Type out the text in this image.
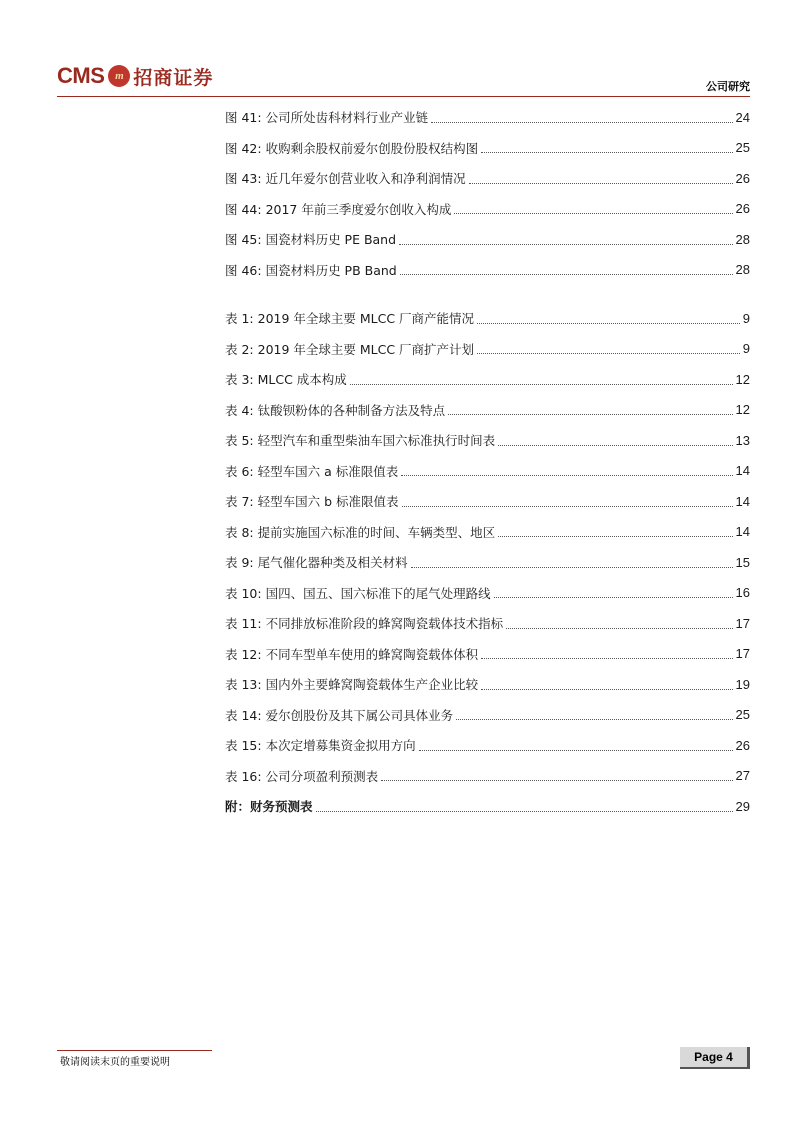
CMS m 招商证券	公司研究
图 41: 公司所处齿科材料行业产业链	24
图 42: 收购剩余股权前爱尔创股份股权结构图	25
图 43: 近几年爱尔创营业收入和净利润情况	26
图 44: 2017 年前三季度爱尔创收入构成	26
图 45: 国瓷材料历史 PE Band	28
图 46: 国瓷材料历史 PB Band	28
表 1: 2019 年全球主要 MLCC 厂商产能情况	9
表 2: 2019 年全球主要 MLCC 厂商扩产计划	9
表 3: MLCC 成本构成	12
表 4: 钛酸钡粉体的各种制备方法及特点	12
表 5: 轻型汽车和重型柴油车国六标准执行时间表	13
表 6: 轻型车国六 a 标准限值表	14
表 7: 轻型车国六 b 标准限值表	14
表 8: 提前实施国六标准的时间、车辆类型、地区	14
表 9: 尾气催化器种类及相关材料	15
表 10: 国四、国五、国六标准下的尾气处理路线	16
表 11: 不同排放标准阶段的蜂窝陶瓷载体技术指标	17
表 12: 不同车型单车使用的蜂窝陶瓷载体体积	17
表 13: 国内外主要蜂窝陶瓷载体生产企业比较	19
表 14: 爱尔创股份及其下属公司具体业务	25
表 15: 本次定增募集资金拟用方向	26
表 16: 公司分项盈利预测表	27
附：财务预测表	29
敬请阅读末页的重要说明	Page 4
